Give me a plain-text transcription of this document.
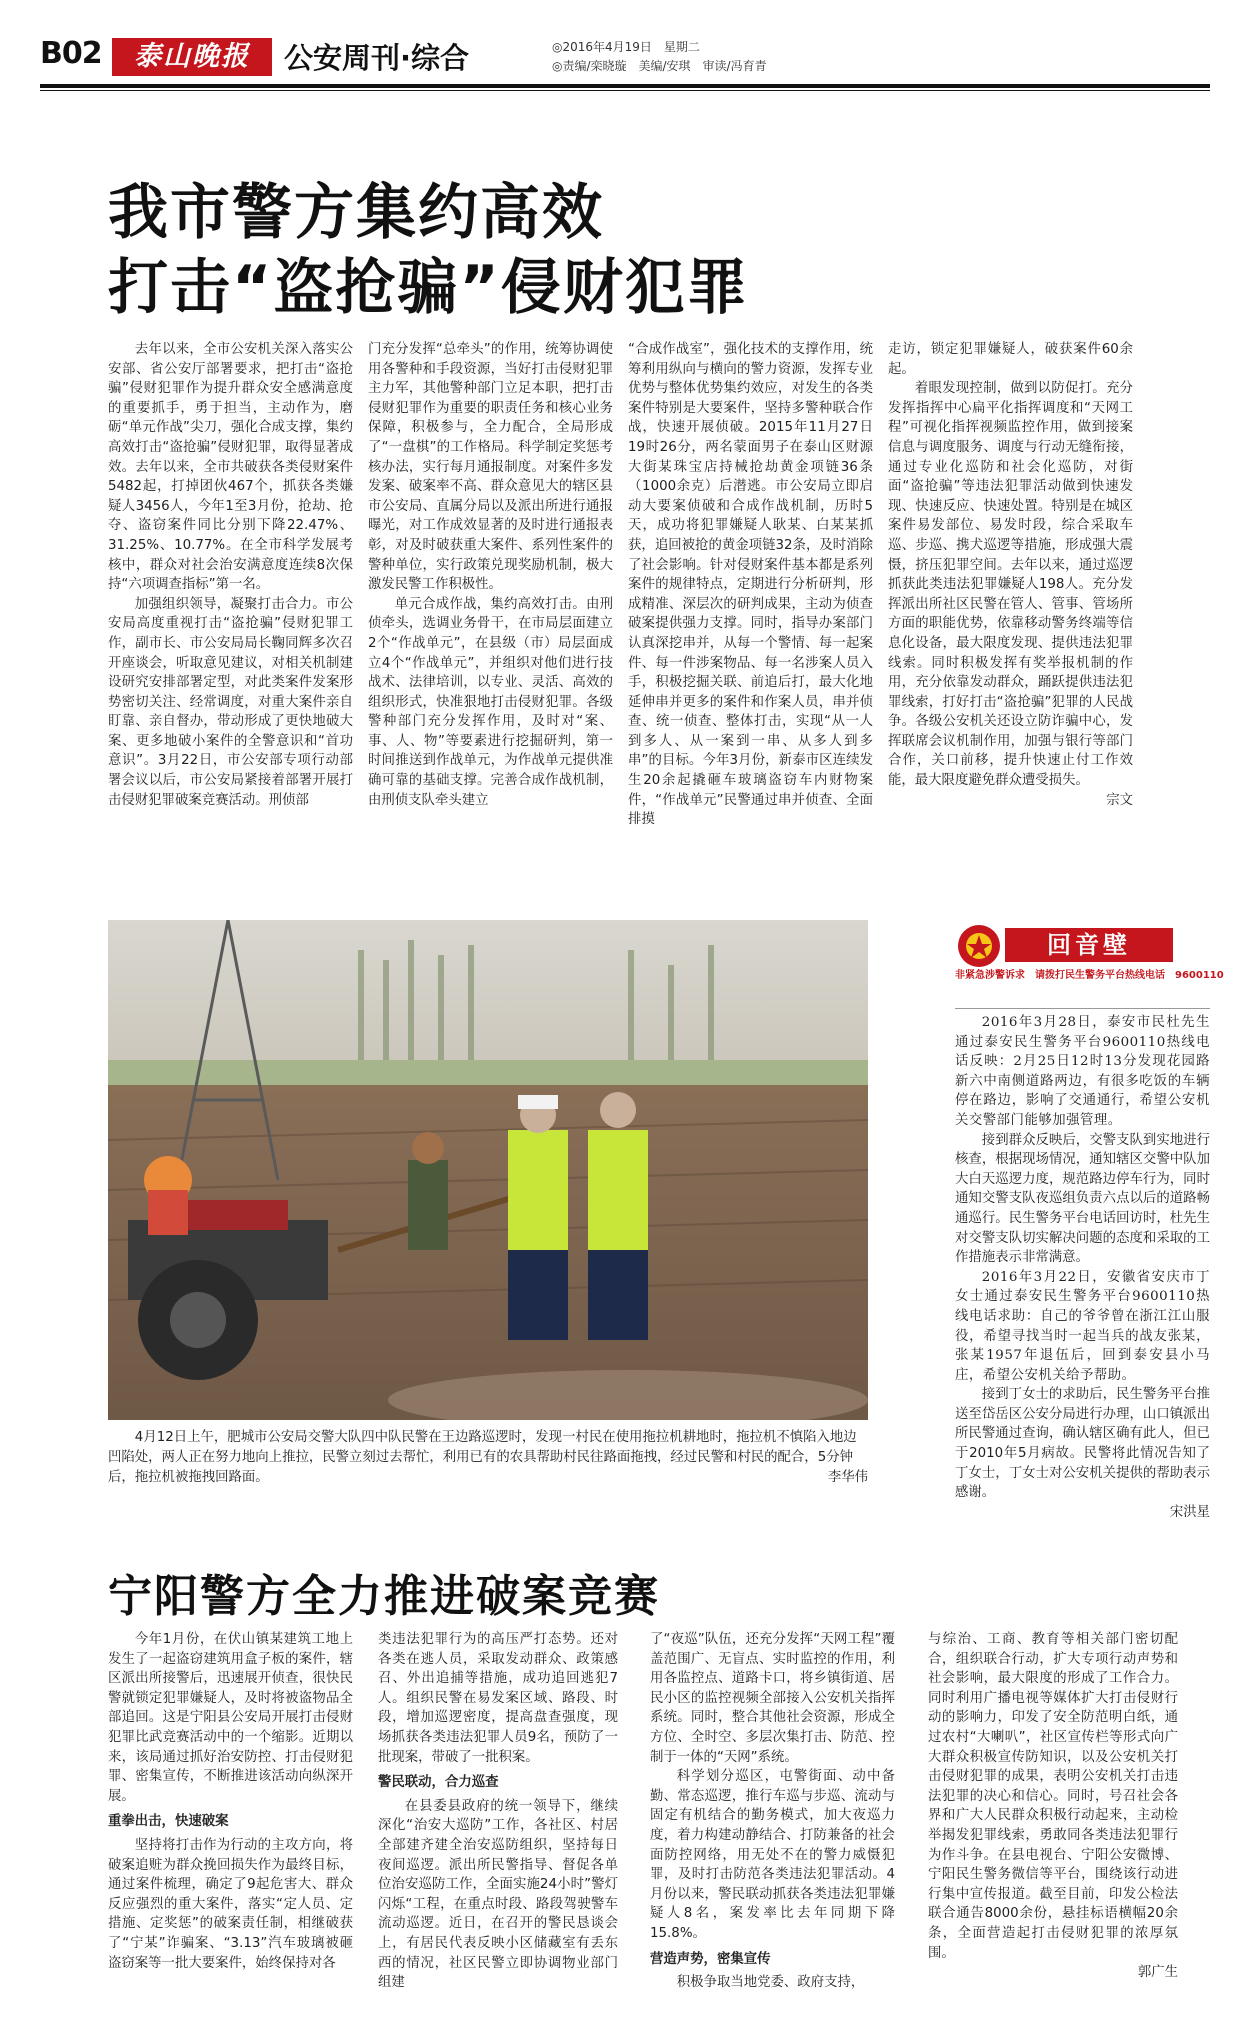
B02	泰山晚报	公安周刊·综合	◎2016年4月19日　星期二
◎责编/栾晓璇　美编/安琪　审读/冯育青
我市警方集约高效
打击“盗抢骗”侵财犯罪

去年以来，全市公安机关深入落实公安部、省公安厅部署要求，把打击“盗抢骗”侵财犯罪作为提升群众安全感满意度的重要抓手，勇于担当，主动作为，磨砺“单元作战”尖刀，强化合成支撑，集约高效打击“盗抢骗”侵财犯罪，取得显著成效。去年以来，全市共破获各类侵财案件5482起，打掉团伙467个，抓获各类嫌疑人3456人，今年1至3月份，抢劫、抢夺、盗窃案件同比分别下降22.47%、31.25%、10.77%。在全市科学发展考核中，群众对社会治安满意度连续8次保持“六项调查指标”第一名。

加强组织领导，凝聚打击合力。市公安局高度重视打击“盗抢骗”侵财犯罪工作，副市长、市公安局局长鞠同辉多次召开座谈会，听取意见建议，对相关机制建设研究安排部署定型，对此类案件发案形势密切关注、经常调度，对重大案件亲自盯靠、亲自督办，带动形成了更快地破大案、更多地破小案件的全警意识和“首功意识”。3月22日，市公安部专项行动部署会议以后，市公安局紧接着部署开展打击侵财犯罪破案竞赛活动。刑侦部

门充分发挥“总牵头”的作用，统筹协调使用各警种和手段资源，当好打击侵财犯罪主力军，其他警种部门立足本职，把打击侵财犯罪作为重要的职责任务和核心业务保障，积极参与，全力配合，全局形成了“一盘棋”的工作格局。科学制定奖惩考核办法，实行每月通报制度。对案件多发发案、破案率不高、群众意见大的辖区县市公安局、直属分局以及派出所进行通报曝光，对工作成效显著的及时进行通报表彰，对及时破获重大案件、系列性案件的警种单位，实行政策兑现奖励机制，极大激发民警工作积极性。

单元合成作战，集约高效打击。由刑侦牵头，选调业务骨干，在市局层面建立2个“作战单元”，在县级（市）局层面成立4个“作战单元”，并组织对他们进行技战术、法律培训，以专业、灵活、高效的组织形式，快准狠地打击侵财犯罪。各级警种部门充分发挥作用，及时对“案、事、人、物”等要素进行挖掘研判，第一时间推送到作战单元，为作战单元提供准确可靠的基础支撑。完善合成作战机制，由刑侦支队牵头建立

“合成作战室”，强化技术的支撑作用，统筹利用纵向与横向的警力资源，发挥专业优势与整体优势集约效应，对发生的各类案件特别是大要案件，坚持多警种联合作战，快速开展侦破。2015年11月27日19时26分，两名蒙面男子在泰山区财源大街某珠宝店持械抢劫黄金项链36条（1000余克）后潜逃。市公安局立即启动大要案侦破和合成作战机制，历时5天，成功将犯罪嫌疑人耿某、白某某抓获，追回被抢的黄金项链32条，及时消除了社会影响。针对侵财案件基本都是系列案件的规律特点，定期进行分析研判，形成精准、深层次的研判成果，主动为侦查破案提供强力支撑。同时，指导办案部门认真深挖串并，从每一个警情、每一起案件、每一件涉案物品、每一名涉案人员入手，积极挖掘关联、前追后打，最大化地延伸串并更多的案件和作案人员，串并侦查、统一侦查、整体打击，实现“从一人到多人、从一案到一串、从多人到多串”的目标。今年3月份，新泰市区连续发生20余起撬砸车玻璃盗窃车内财物案件，“作战单元”民警通过串并侦查、全面排摸

走访，锁定犯罪嫌疑人，破获案件60余起。

着眼发现控制，做到以防促打。充分发挥指挥中心扁平化指挥调度和“天网工程”可视化指挥视频监控作用，做到接案信息与调度服务、调度与行动无缝衔接，通过专业化巡防和社会化巡防，对街面“盗抢骗”等违法犯罪活动做到快速发现、快速反应、快速处置。特别是在城区案件易发部位、易发时段，综合采取车巡、步巡、携犬巡逻等措施，形成强大震慑，挤压犯罪空间。去年以来，通过巡逻抓获此类违法犯罪嫌疑人198人。充分发挥派出所社区民警在管人、管事、管场所方面的职能优势，依靠移动警务终端等信息化设备，最大限度发现、提供违法犯罪线索。同时积极发挥有奖举报机制的作用，充分依靠发动群众，踊跃提供违法犯罪线索，打好打击“盗抢骗”犯罪的人民战争。各级公安机关还设立防诈骗中心，发挥联席会议机制作用，加强与银行等部门合作，关口前移，提升快速止付工作效能，最大限度避免群众遭受损失。

宗文

4月12日上午，肥城市公安局交警大队四中队民警在王边路巡逻时，发现一村民在使用拖拉机耕地时，拖拉机不慎陷入地边凹陷处，两人正在努力地向上推拉，民警立刻过去帮忙，利用已有的农具帮助村民往路面拖拽，经过民警和村民的配合，5分钟后，拖拉机被拖拽回路面。	李华伟
回音壁
非紧急涉警诉求　请拨打民生警务平台热线电话　9600110

2016年3月28日，泰安市民杜先生通过泰安民生警务平台9600110热线电话反映：2月25日12时13分发现花园路新六中南侧道路两边，有很多吃饭的车辆停在路边，影响了交通通行，希望公安机关交警部门能够加强管理。

接到群众反映后，交警支队到实地进行核查，根据现场情况，通知辖区交警中队加大白天巡逻力度，规范路边停车行为，同时通知交警支队夜巡组负责六点以后的道路畅通巡行。民生警务平台电话回访时，杜先生对交警支队切实解决问题的态度和采取的工作措施表示非常满意。

2016年3月22日，安徽省安庆市丁女士通过泰安民生警务平台9600110热线电话求助：自己的爷爷曾在浙江江山服役，希望寻找当时一起当兵的战友张某，张某1957年退伍后，回到泰安县小马庄，希望公安机关给予帮助。

接到丁女士的求助后，民生警务平台推送至岱岳区公安分局进行办理，山口镇派出所民警通过查询，确认辖区确有此人，但已于2010年5月病故。民警将此情况告知了丁女士，丁女士对公安机关提供的帮助表示感谢。

宋洪星

宁阳警方全力推进破案竞赛

今年1月份，在伏山镇某建筑工地上发生了一起盗窃建筑用盒子板的案件，辖区派出所接警后，迅速展开侦查，很快民警就锁定犯罪嫌疑人，及时将被盗物品全部追回。这是宁阳县公安局开展打击侵财犯罪比武竞赛活动中的一个缩影。近期以来，该局通过抓好治安防控、打击侵财犯罪、密集宣传，不断推进该活动向纵深开展。

重拳出击，快速破案

坚持将打击作为行动的主攻方向，将破案追赃为群众挽回损失作为最终目标，通过案件梳理，确定了9起危害大、群众反应强烈的重大案件，落实“定人员、定措施、定奖惩”的破案责任制，相继破获了“宁某”诈骗案、“3.13”汽车玻璃被砸盗窃案等一批大要案件，始终保持对各

类违法犯罪行为的高压严打态势。还对各类在逃人员，采取发动群众、政策感召、外出追捕等措施，成功追回逃犯7人。组织民警在易发案区域、路段、时段，增加巡逻密度，提高盘查强度，现场抓获各类违法犯罪人员9名，预防了一批现案，带破了一批积案。

警民联动，合力巡查

在县委县政府的统一领导下，继续深化“治安大巡防”工作，各社区、村居全部建齐建全治安巡防组织，坚持每日夜间巡逻。派出所民警指导、督促各单位治安巡防工作，全面实施24小时”警灯闪烁“工程，在重点时段、路段驾驶警车流动巡逻。近日，在召开的警民恳谈会上，有居民代表反映小区储藏室有丢东西的情况，社区民警立即协调物业部门组建

了“夜巡”队伍，还充分发挥“天网工程”覆盖范围广、无盲点、实时监控的作用，利用各监控点、道路卡口，将乡镇街道、居民小区的监控视频全部接入公安机关指挥系统。同时，整合其他社会资源，形成全方位、全时空、多层次集打击、防范、控制于一体的“天网”系统。

科学划分巡区，屯警街面、动中备勤、常态巡逻，推行车巡与步巡、流动与固定有机结合的勤务模式，加大夜巡力度，着力构建动静结合、打防兼备的社会面防控网络，用无处不在的警力威慑犯罪，及时打击防范各类违法犯罪活动。4月份以来，警民联动抓获各类违法犯罪嫌疑人8名，案发率比去年同期下降15.8%。

营造声势，密集宣传

积极争取当地党委、政府支持，

与综治、工商、教育等相关部门密切配合，组织联合行动，扩大专项行动声势和社会影响，最大限度的形成了工作合力。同时利用广播电视等媒体扩大打击侵财行动的影响力，印发了安全防范明白纸，通过农村“大喇叭”，社区宣传栏等形式向广大群众积极宣传防知识，以及公安机关打击侵财犯罪的成果，表明公安机关打击违法犯罪的决心和信心。同时，号召社会各界和广大人民群众积极行动起来，主动检举揭发犯罪线索，勇敢同各类违法犯罪行为作斗争。在县电视台、宁阳公安微博、宁阳民生警务微信等平台，围绕该行动进行集中宣传报道。截至目前，印发公检法联合通告8000余份，悬挂标语横幅20余条，全面营造起打击侵财犯罪的浓厚氛围。

郭广生
